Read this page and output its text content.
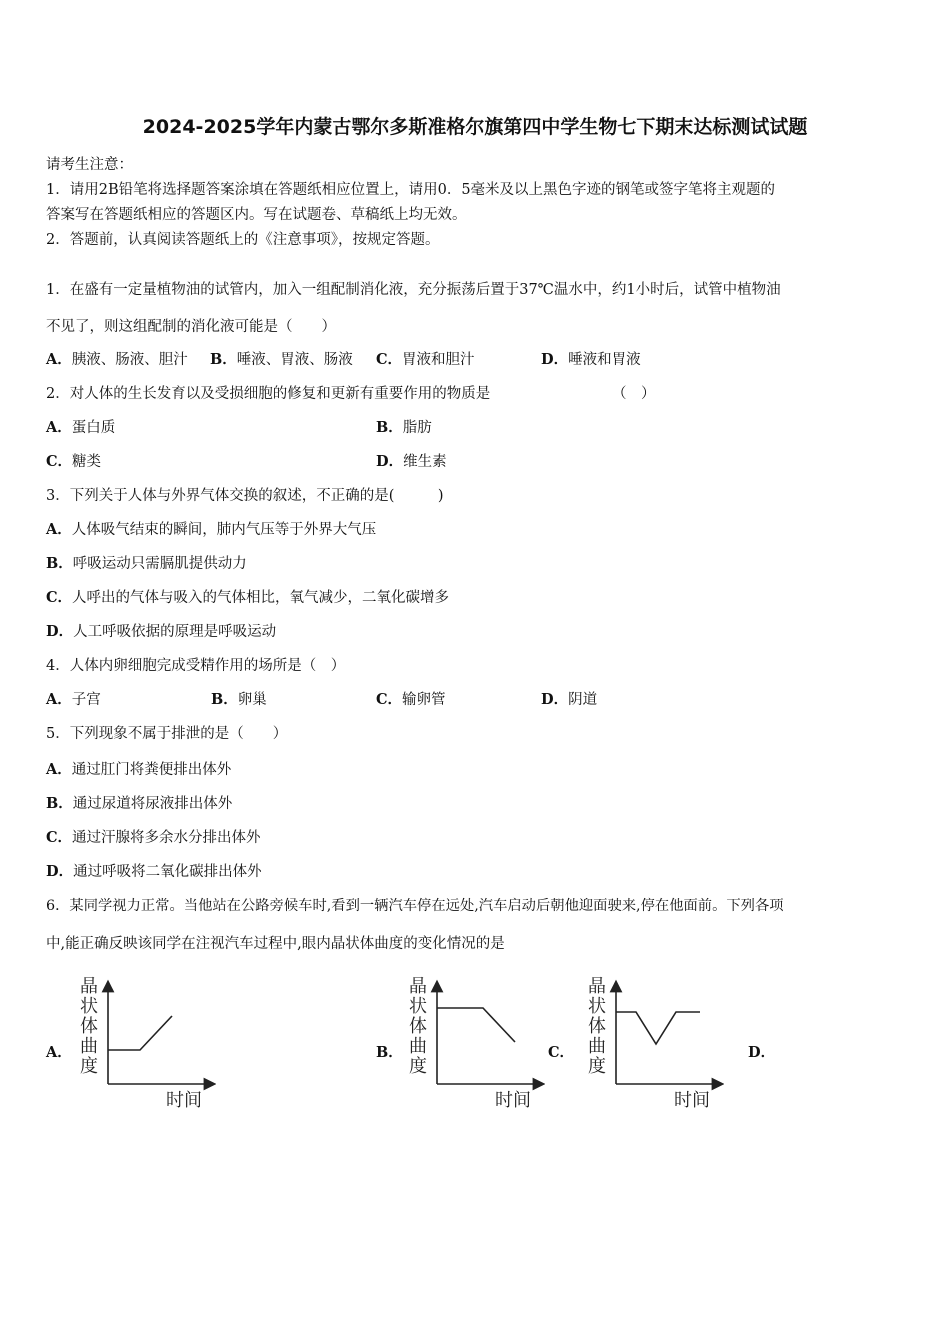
2024-2025学年内蒙古鄂尔多斯准格尔旗第四中学生物七下期末达标测试试题
请考生注意：
1．请用2B铅笔将选择题答案涂填在答题纸相应位置上，请用0．5毫米及以上黑色字迹的钢笔或签字笔将主观题的
答案写在答题纸相应的答题区内。写在试题卷、草稿纸上均无效。
2．答题前，认真阅读答题纸上的《注意事项》，按规定答题。
1．在盛有一定量植物油的试管内，加入一组配制消化液，充分振荡后置于37℃温水中，约1小时后，试管中植物油
不见了，则这组配制的消化液可能是（　　）
A．胰液、肠液、胆汁 B．唾液、胃液、肠液 C．胃液和胆汁	D．唾液和胃液
2．对人体的生长发育以及受损细胞的修复和更新有重要作用的物质是	（　）
A．蛋白质	B．脂肪
C．糖类	D．维生素
3．下列关于人体与外界气体交换的叙述，不正确的是(　　　)
A．人体吸气结束的瞬间，肺内气压等于外界大气压
B．呼吸运动只需膈肌提供动力
C．人呼出的气体与吸入的气体相比，氧气减少，二氧化碳增多
D．人工呼吸依据的原理是呼吸运动
4．人体内卵细胞完成受精作用的场所是（　）
A．子宫	B．卵巢	C．输卵管	D．阴道
5．下列现象不属于排泄的是（　　）
A．通过肛门将粪便排出体外
B．通过尿道将尿液排出体外
C．通过汗腺将多余水分排出体外
D．通过呼吸将二氧化碳排出体外
6．某同学视力正常。当他站在公路旁候车时,看到一辆汽车停在远处,汽车启动后朝他迎面驶来,停在他面前。下列各项
中,能正确反映该同学在注视汽车过程中,眼内晶状体曲度的变化情况的是
A．	B．	C．	D．
晶
状
体
曲
度
时间
晶
状
体
曲
度
时间
晶
状
体
曲
度
时间
